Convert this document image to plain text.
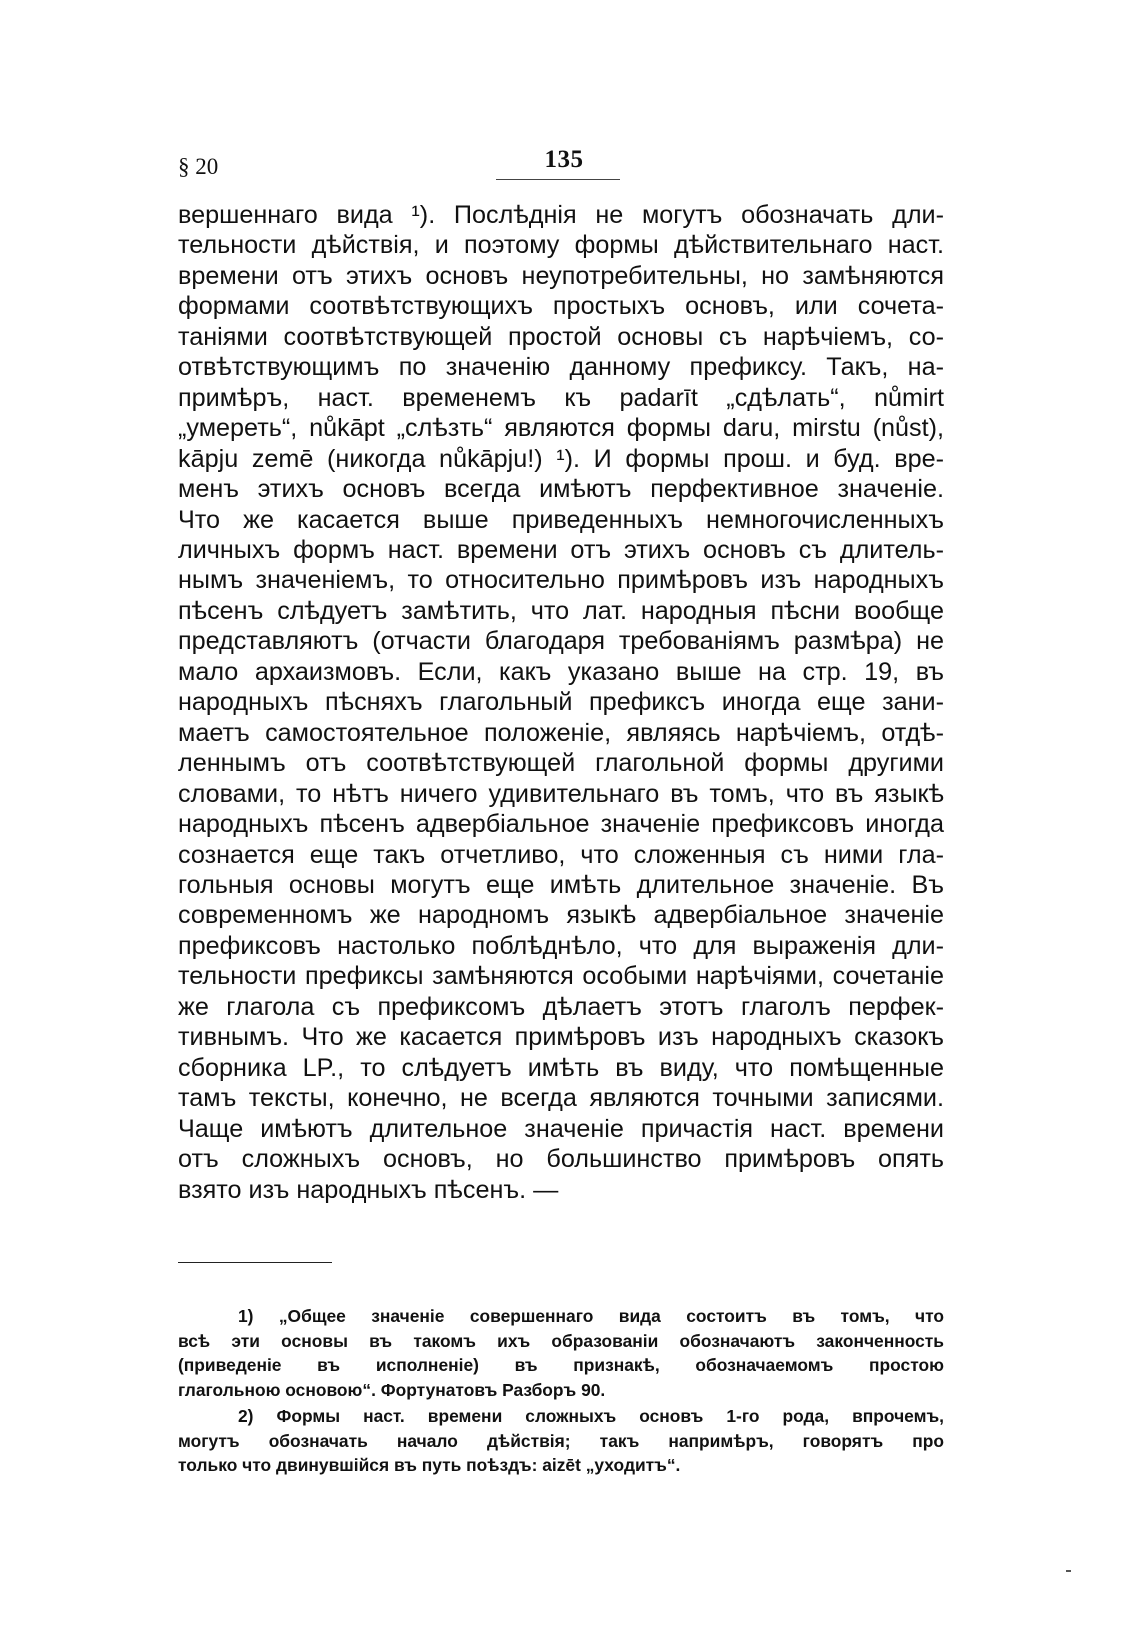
§ 20	135
вершеннаго вида ¹). Послѣднія не могутъ обозначать дли-
тельности дѣйствія, и поэтому формы дѣйствительнаго наст.
времени отъ этихъ основъ неупотребительны, но замѣняются
формами соотвѣтствующихъ простыхъ основъ, или сочета-
таніями соотвѣтствующей простой основы съ нарѣчіемъ, со-
отвѣтствующимъ по значенію данному префиксу. Такъ, на-
примѣръ, наст. временемъ къ padarīt „сдѣлать“, nůmirt
„умереть“, nůkāpt „слѣзть“ являются формы daru, mirstu (nůst),
kāpju zemē (никогда nůkāpju!) ¹). И формы прош. и буд. вре-
менъ этихъ основъ всегда имѣютъ перфективное значеніе.
Что же касается выше приведенныхъ немногочисленныхъ
личныхъ формъ наст. времени отъ этихъ основъ съ длитель-
нымъ значеніемъ, то относительно примѣровъ изъ народныхъ
пѣсенъ слѣдуетъ замѣтить, что лат. народныя пѣсни вообще
представляютъ (отчасти благодаря требованіямъ размѣра) не
мало архаизмовъ. Если, какъ указано выше на стр. 19, въ
народныхъ пѣсняхъ глагольный префиксъ иногда еще зани-
маетъ самостоятельное положеніе, являясь нарѣчіемъ, отдѣ-
леннымъ отъ соотвѣтствующей глагольной формы другими
словами, то нѣтъ ничего удивительнаго въ томъ, что въ языкѣ
народныхъ пѣсенъ адвербіальное значеніе префиксовъ иногда
сознается еще такъ отчетливо, что сложенныя съ ними гла-
гольныя основы могутъ еще имѣть длительное значеніе. Въ
современномъ же народномъ языкѣ адвербіальное значеніе
префиксовъ настолько поблѣднѣло, что для выраженія дли-
тельности префиксы замѣняются особыми нарѣчіями, сочетаніе
же глагола съ префиксомъ дѣлаетъ этотъ глаголъ перфек-
тивнымъ. Что же касается примѣровъ изъ народныхъ сказокъ
сборника LP., то слѣдуетъ имѣть въ виду, что помѣщенные
тамъ тексты, конечно, не всегда являются точными записями.
Чаще имѣютъ длительное значеніе причастія наст. времени
отъ сложныхъ основъ, но большинство примѣровъ опять
взято изъ народныхъ пѣсенъ. —
1) „Общее значеніе совершеннаго вида состоитъ въ томъ, что
всѣ эти основы въ такомъ ихъ образованіи обозначаютъ законченность
(приведеніе въ исполненіе) въ признакѣ, обозначаемомъ простою
глагольною основою“. Фортунатовъ Разборъ 90.
2) Формы наст. времени сложныхъ основъ 1-го рода, впрочемъ,
могутъ обозначать начало дѣйствія; такъ напримѣръ, говорятъ про
только что двинувшійся въ путь поѣздъ: aizēt „уходитъ“.
